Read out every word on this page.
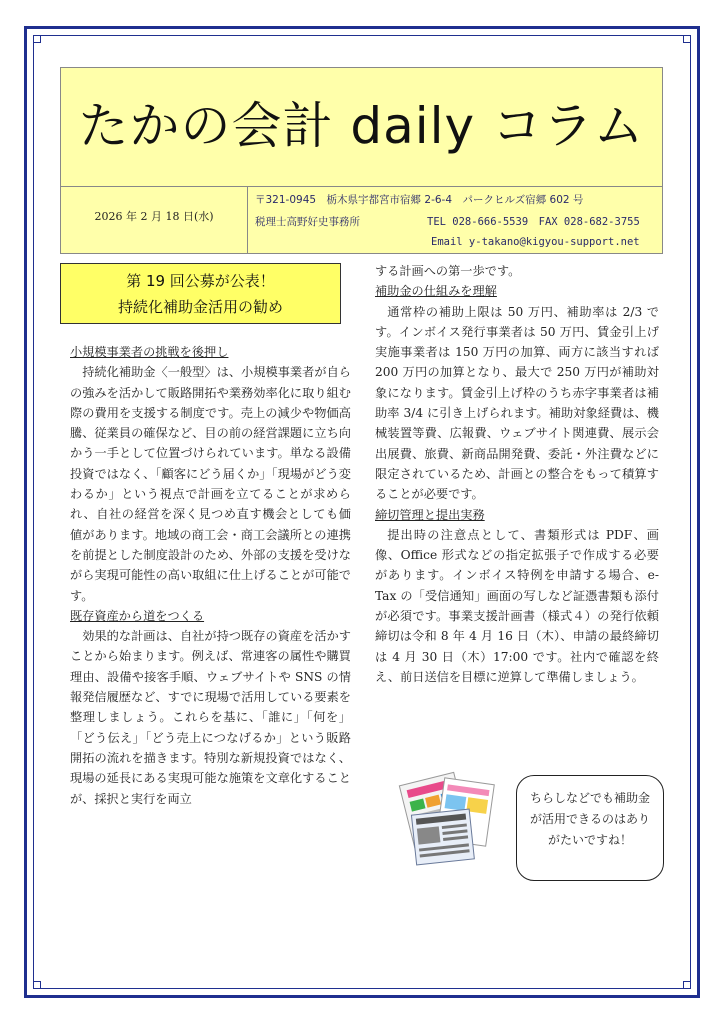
たかの会計 daily コラム
2026 年 2 月 18 日(水)
〒321-0945　栃木県宇都宮市宿郷 2-6-4　パークヒルズ宿郷 602 号
税理士高野好史事務所	TEL 028-666-5539　FAX 028-682-3755
Email y-takano@kigyou-support.net
第 19 回公募が公表！
持続化補助金活用の勧め
小規模事業者の挑戦を後押し

持続化補助金〈一般型〉は、小規模事業者が自らの強みを活かして販路開拓や業務効率化に取り組む際の費用を支援する制度です。売上の減少や物価高騰、従業員の確保など、目の前の経営課題に立ち向かう一手として位置づけられています。単なる設備投資ではなく、「顧客にどう届くか」「現場がどう変わるか」という視点で計画を立てることが求められ、自社の経営を深く見つめ直す機会としても価値があります。地域の商工会・商工会議所との連携を前提とした制度設計のため、外部の支援を受けながら実現可能性の高い取組に仕上げることが可能です。

既存資産から道をつくる

効果的な計画は、自社が持つ既存の資産を活かすことから始まります。例えば、常連客の属性や購買理由、設備や接客手順、ウェブサイトや SNS の情報発信履歴など、すでに現場で活用している要素を整理しましょう。これらを基に、「誰に」「何を」「どう伝え」「どう売上につなげるか」という販路開拓の流れを描きます。特別な新規投資ではなく、現場の延長にある実現可能な施策を文章化することが、採択と実行を両立

する計画への第一歩です。

補助金の仕組みを理解

通常枠の補助上限は 50 万円、補助率は 2/3 です。インボイス発行事業者は 50 万円、賃金引上げ実施事業者は 150 万円の加算、両方に該当すれば 200 万円の加算となり、最大で 250 万円が補助対象になります。賃金引上げ枠のうち赤字事業者は補助率 3/4 に引き上げられます。補助対象経費は、機械装置等費、広報費、ウェブサイト関連費、展示会出展費、旅費、新商品開発費、委託・外注費などに限定されているため、計画との整合をもって積算することが必要です。

締切管理と提出実務

提出時の注意点として、書類形式は PDF、画像、Office 形式などの指定拡張子で作成する必要があります。インボイス特例を申請する場合、e-Tax の「受信通知」画面の写しなど証憑書類も添付が必須です。事業支援計画書（様式４）の発行依頼締切は令和 8 年 4 月 16 日（木）、申請の最終締切は 4 月 30 日（木）17:00 です。社内で確認を終え、前日送信を目標に逆算して準備しましょう。

ちらしなどでも補助金が活用できるのはありがたいですね！
